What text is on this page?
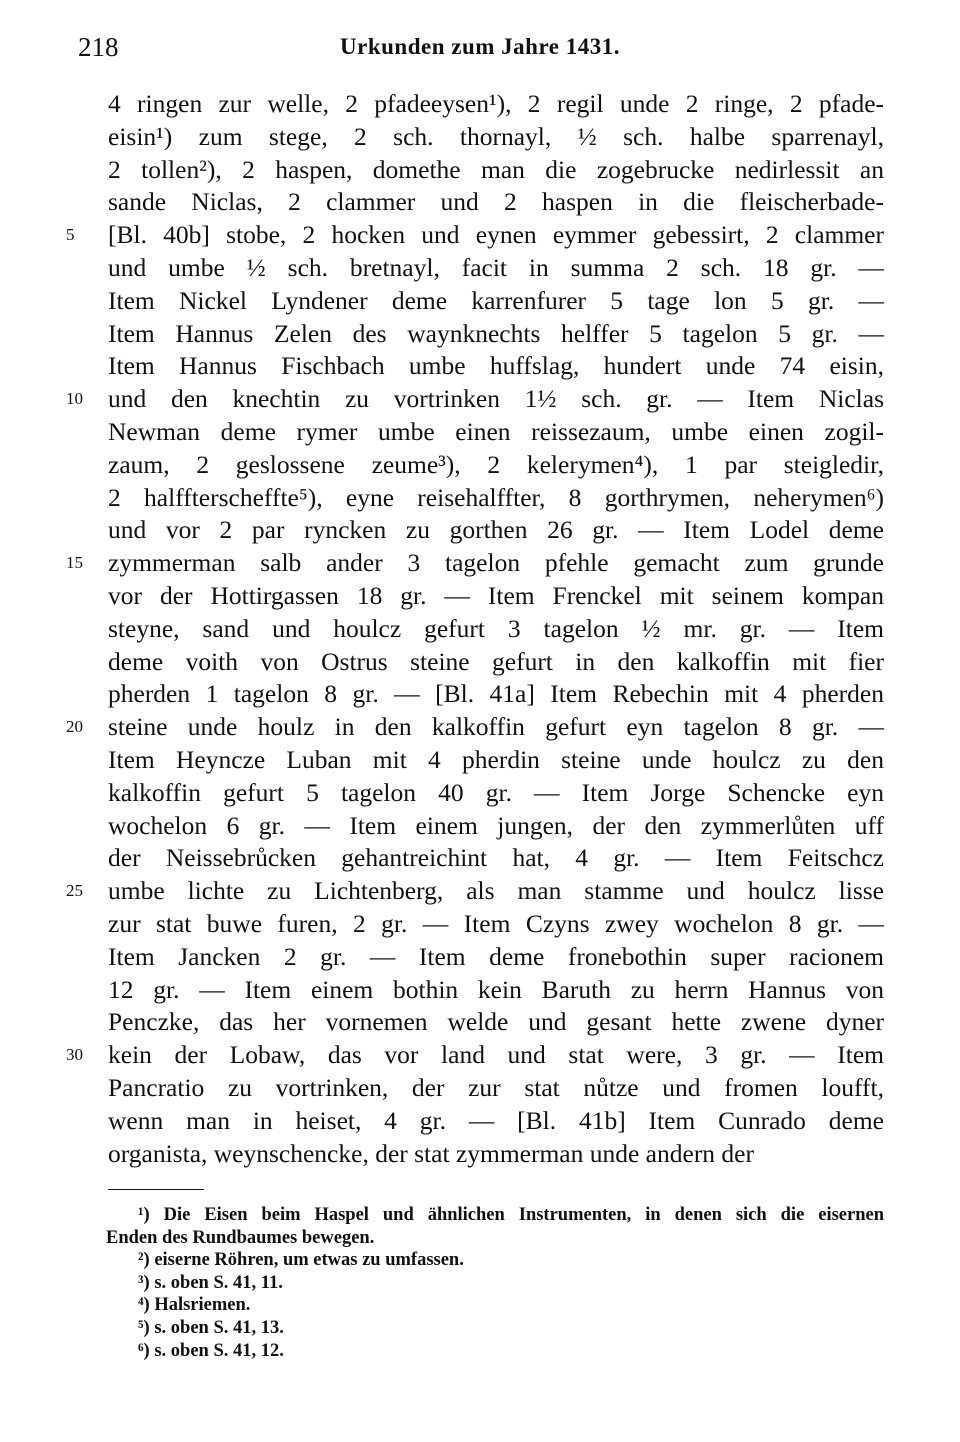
218	Urkunden zum Jahre 1431.
5
10
15
20
25
30
4 ringen zur welle, 2 pfadeeysen¹), 2 regil unde 2 ringe, 2 pfade-
eisin¹) zum stege, 2 sch. thornayl, ½ sch. halbe sparrenayl,
2 tollen²), 2 haspen, domethe man die zogebrucke nedirlessit an
sande Niclas, 2 clammer und 2 haspen in die fleischerbade-
[Bl. 40b] stobe, 2 hocken und eynen eymmer gebessirt, 2 clammer
und umbe ½ sch. bretnayl, facit in summa 2 sch. 18 gr. —
Item Nickel Lyndener deme karrenfurer 5 tage lon 5 gr. —
Item Hannus Zelen des waynknechts helffer 5 tagelon 5 gr. —
Item Hannus Fischbach umbe huffslag, hundert unde 74 eisin,
und den knechtin zu vortrinken 1½ sch. gr. — Item Niclas
Newman deme rymer umbe einen reissezaum, umbe einen zogil-
zaum, 2 geslossene zeume³), 2 kelerymen⁴), 1 par steigledir,
2 halffterscheffte⁵), eyne reisehalffter, 8 gorthrymen, neherymen⁶)
und vor 2 par ryncken zu gorthen 26 gr. — Item Lodel deme
zymmerman salb ander 3 tagelon pfehle gemacht zum grunde
vor der Hottirgassen 18 gr. — Item Frenckel mit seinem kompan
steyne, sand und houlcz gefurt 3 tagelon ½ mr. gr. — Item
deme voith von Ostrus steine gefurt in den kalkoffin mit fier
pherden 1 tagelon 8 gr. — [Bl. 41a] Item Rebechin mit 4 pherden
steine unde houlz in den kalkoffin gefurt eyn tagelon 8 gr. —
Item Heyncze Luban mit 4 pherdin steine unde houlcz zu den
kalkoffin gefurt 5 tagelon 40 gr. — Item Jorge Schencke eyn
wochelon 6 gr. — Item einem jungen, der den zymmerlůten uff
der Neissebrůcken gehantreichint hat, 4 gr. — Item Feitschcz
umbe lichte zu Lichtenberg, als man stamme und houlcz lisse
zur stat buwe furen, 2 gr. — Item Czyns zwey wochelon 8 gr. —
Item Jancken 2 gr. — Item deme fronebothin super racionem
12 gr. — Item einem bothin kein Baruth zu herrn Hannus von
Penczke, das her vornemen welde und gesant hette zwene dyner
kein der Lobaw, das vor land und stat were, 3 gr. — Item
Pancratio zu vortrinken, der zur stat nůtze und fromen loufft,
wenn man in heiset, 4 gr. — [Bl. 41b] Item Cunrado deme
organista, weynschencke, der stat zymmerman unde andern der
¹) Die Eisen beim Haspel und ähnlichen Instrumenten, in denen sich die eisernen
Enden des Rundbaumes bewegen.
²) eiserne Röhren, um etwas zu umfassen.
³) s. oben S. 41, 11.
⁴) Halsriemen.
⁵) s. oben S. 41, 13.
⁶) s. oben S. 41, 12.
